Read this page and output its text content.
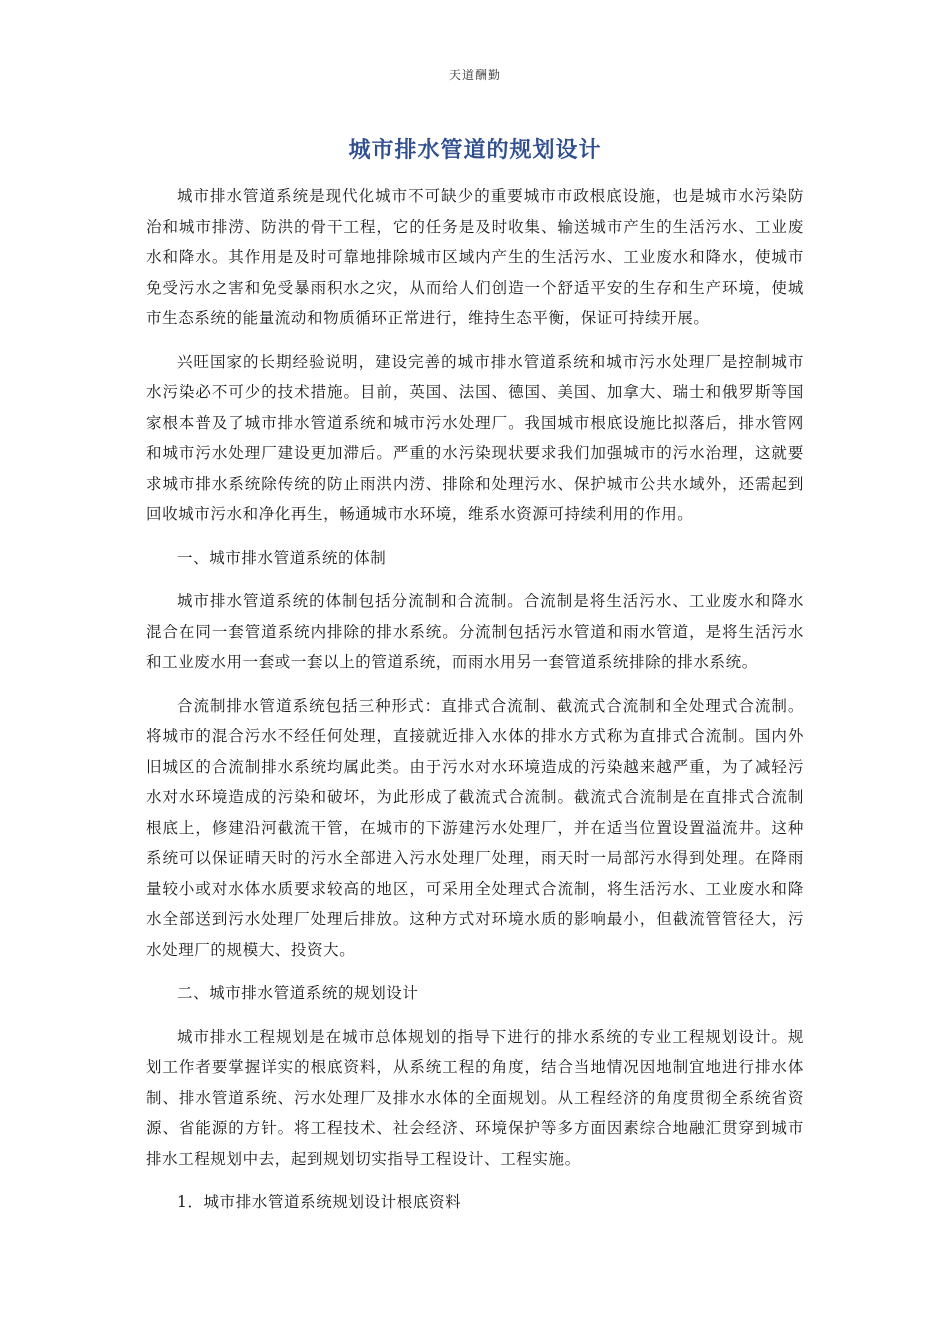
天道酬勤
城市排水管道的规划设计

城市排水管道系统是现代化城市不可缺少的重要城市市政根底设施，也是城市水污染防治和城市排涝、防洪的骨干工程，它的任务是及时收集、输送城市产生的生活污水、工业废水和降水。其作用是及时可靠地排除城市区域内产生的生活污水、工业废水和降水，使城市免受污水之害和免受暴雨积水之灾，从而给人们创造一个舒适平安的生存和生产环境，使城市生态系统的能量流动和物质循环正常进行，维持生态平衡，保证可持续开展。

兴旺国家的长期经验说明，建设完善的城市排水管道系统和城市污水处理厂是控制城市水污染必不可少的技术措施。目前，英国、法国、德国、美国、加拿大、瑞士和俄罗斯等国家根本普及了城市排水管道系统和城市污水处理厂。我国城市根底设施比拟落后，排水管网和城市污水处理厂建设更加滞后。严重的水污染现状要求我们加强城市的污水治理，这就要求城市排水系统除传统的防止雨洪内涝、排除和处理污水、保护城市公共水域外，还需起到回收城市污水和净化再生，畅通城市水环境，维系水资源可持续利用的作用。

一、城市排水管道系统的体制

城市排水管道系统的体制包括分流制和合流制。合流制是将生活污水、工业废水和降水混合在同一套管道系统内排除的排水系统。分流制包括污水管道和雨水管道，是将生活污水和工业废水用一套或一套以上的管道系统，而雨水用另一套管道系统排除的排水系统。

合流制排水管道系统包括三种形式：直排式合流制、截流式合流制和全处理式合流制。将城市的混合污水不经任何处理，直接就近排入水体的排水方式称为直排式合流制。国内外旧城区的合流制排水系统均属此类。由于污水对水环境造成的污染越来越严重，为了减轻污水对水环境造成的污染和破坏，为此形成了截流式合流制。截流式合流制是在直排式合流制根底上，修建沿河截流干管，在城市的下游建污水处理厂，并在适当位置设置溢流井。这种系统可以保证晴天时的污水全部进入污水处理厂处理，雨天时一局部污水得到处理。在降雨量较小或对水体水质要求较高的地区，可采用全处理式合流制，将生活污水、工业废水和降水全部送到污水处理厂处理后排放。这种方式对环境水质的影响最小，但截流管管径大，污水处理厂的规模大、投资大。

二、城市排水管道系统的规划设计

城市排水工程规划是在城市总体规划的指导下进行的排水系统的专业工程规划设计。规划工作者要掌握详实的根底资料，从系统工程的角度，结合当地情况因地制宜地进行排水体制、排水管道系统、污水处理厂及排水水体的全面规划。从工程经济的角度贯彻全系统省资源、省能源的方针。将工程技术、社会经济、环境保护等多方面因素综合地融汇贯穿到城市排水工程规划中去，起到规划切实指导工程设计、工程实施。

1．城市排水管道系统规划设计根底资料
